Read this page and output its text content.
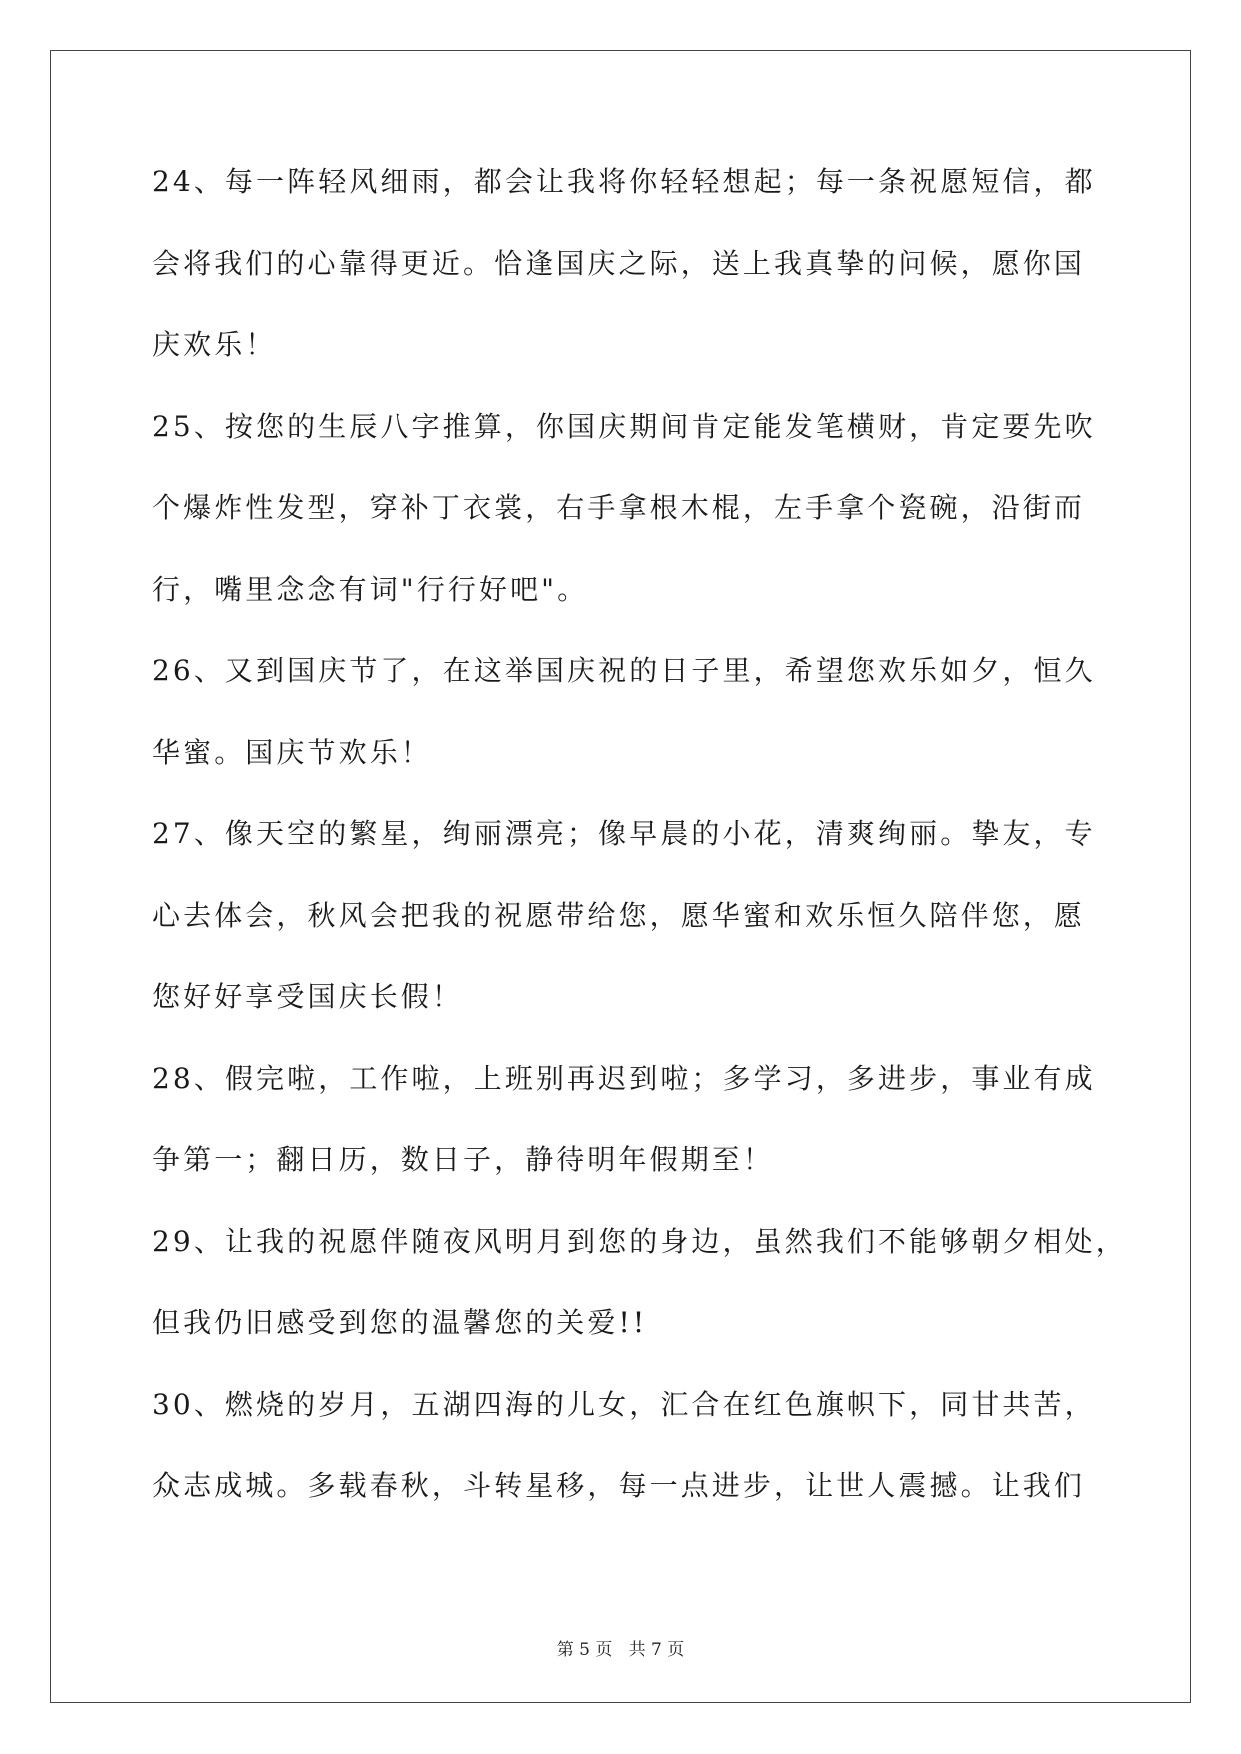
24、每一阵轻风细雨，都会让我将你轻轻想起；每一条祝愿短信，都
会将我们的心靠得更近。恰逢国庆之际，送上我真挚的问候，愿你国
庆欢乐！
25、按您的生辰八字推算，你国庆期间肯定能发笔横财，肯定要先吹
个爆炸性发型，穿补丁衣裳，右手拿根木棍，左手拿个瓷碗，沿街而
行，嘴里念念有词"行行好吧"。
26、又到国庆节了，在这举国庆祝的日子里，希望您欢乐如夕，恒久
华蜜。国庆节欢乐！
27、像天空的繁星，绚丽漂亮；像早晨的小花，清爽绚丽。挚友，专
心去体会，秋风会把我的祝愿带给您，愿华蜜和欢乐恒久陪伴您，愿
您好好享受国庆长假！
28、假完啦，工作啦，上班别再迟到啦；多学习，多进步，事业有成
争第一；翻日历，数日子，静待明年假期至！
29、让我的祝愿伴随夜风明月到您的身边，虽然我们不能够朝夕相处，
但我仍旧感受到您的温馨您的关爱!!
30、燃烧的岁月，五湖四海的儿女，汇合在红色旗帜下，同甘共苦，
众志成城。多载春秋，斗转星移，每一点进步，让世人震撼。让我们
第 5 页   共 7 页
